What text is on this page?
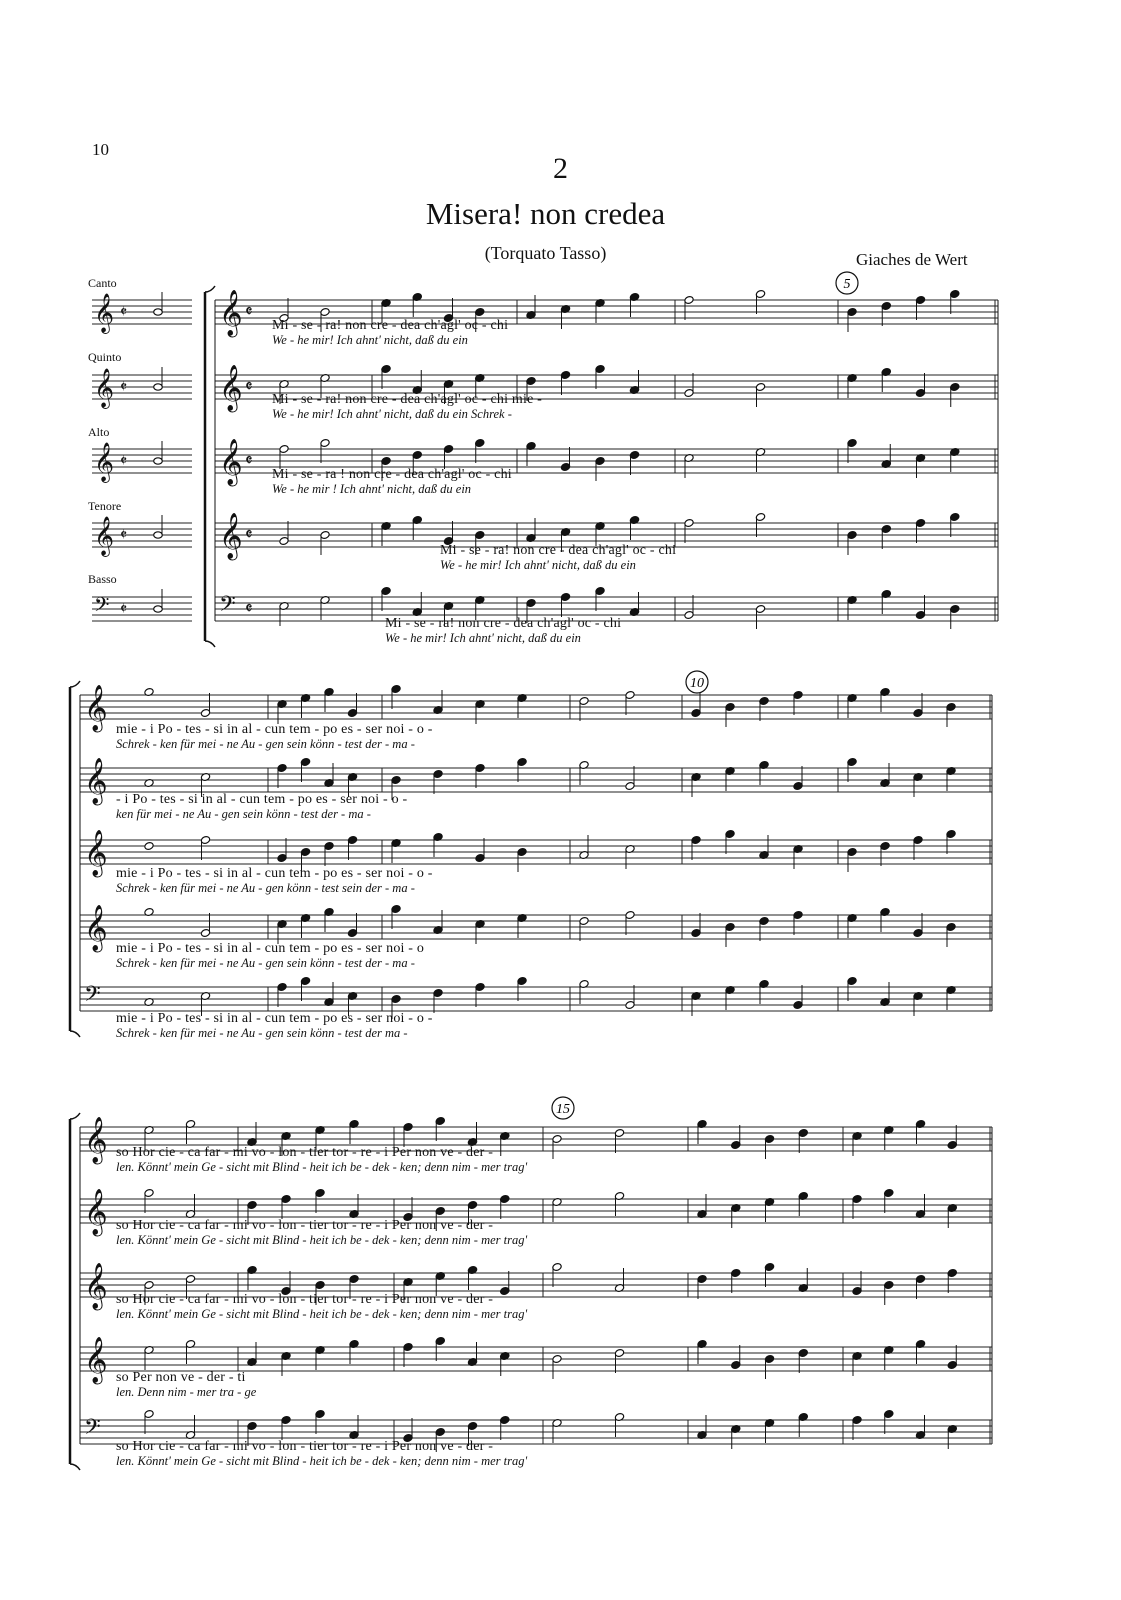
10
2
Misera! non credea
(Torquato Tasso)	Giaches de Wert
Canto
Quinto
Alto
Tenore
Basso
𝄞 𝄵
𝄞 𝄵
𝄞 𝄵
𝄞 𝄵
𝄢 𝄵
𝄞
𝄞
𝄞
𝄞
𝄢
𝄞
𝄞
𝄞
𝄞
𝄢
𝄞 𝄵
𝄞 𝄵
𝄞 𝄵
𝄞 𝄵
𝄢 𝄵
5
10
15
Mi - se - ra! non cre - dea ch'agl' oc - chi
We - he mir! Ich ahnt' nicht, daß du ein
Mi - se - ra! non cre - dea ch'agl' oc - chi mie -
We - he mir! Ich ahnt' nicht, daß du ein Schrek -
Mi - se - ra ! non cre - dea ch'agl' oc - chi
We - he mir ! Ich ahnt' nicht, daß du ein
Mi - se - ra! non cre - dea ch'agl' oc - chi
We - he mir! Ich ahnt' nicht, daß du ein
Mi - se - ra! non cre - dea ch'agl' oc - chi
We - he mir! Ich ahnt' nicht, daß du ein
mie - i Po - tes - si in al - cun tem - po es - ser noi - o -
Schrek - ken für mei - ne Au - gen sein könn - test der - ma -
- i Po - tes - si in al - cun tem - po es - ser noi - o -
ken für mei - ne Au - gen sein könn - test der - ma -
mie - i Po - tes - si in al - cun tem - po es - ser noi - o -
Schrek - ken für mei - ne Au - gen könn - test sein der - ma -
mie - i Po - tes - si in al - cun tem - po es - ser noi - o
Schrek - ken für mei - ne Au - gen sein könn - test der - ma -
mie - i Po - tes - si in al - cun tem - po es - ser noi - o -
Schrek - ken für mei - ne Au - gen sein könn - test der ma -
so Hor cie - ca far - mi vo - lon - tier tor - re - i Per non ve - der -
len. Könnt' mein Ge - sicht mit Blind - heit ich be - dek - ken; denn nim - mer trag'
so Hor cie - ca far - mi vo - lon - tier tor - re - i Per non ve - der -
len. Könnt' mein Ge - sicht mit Blind - heit ich be - dek - ken; denn nim - mer trag'
so Hor cie - ca far - mi vo - lon - tier tor - re - i Per non ve - der -
len. Könnt' mein Ge - sicht mit Blind - heit ich be - dek - ken; denn nim - mer trag'
so Per non ve - der - ti
len. Denn nim - mer tra - ge
so Hor cie - ca far - mi vo - lon - tier tor - re - i Per non ve - der -
len. Könnt' mein Ge - sicht mit Blind - heit ich be - dek - ken; denn nim - mer trag'
